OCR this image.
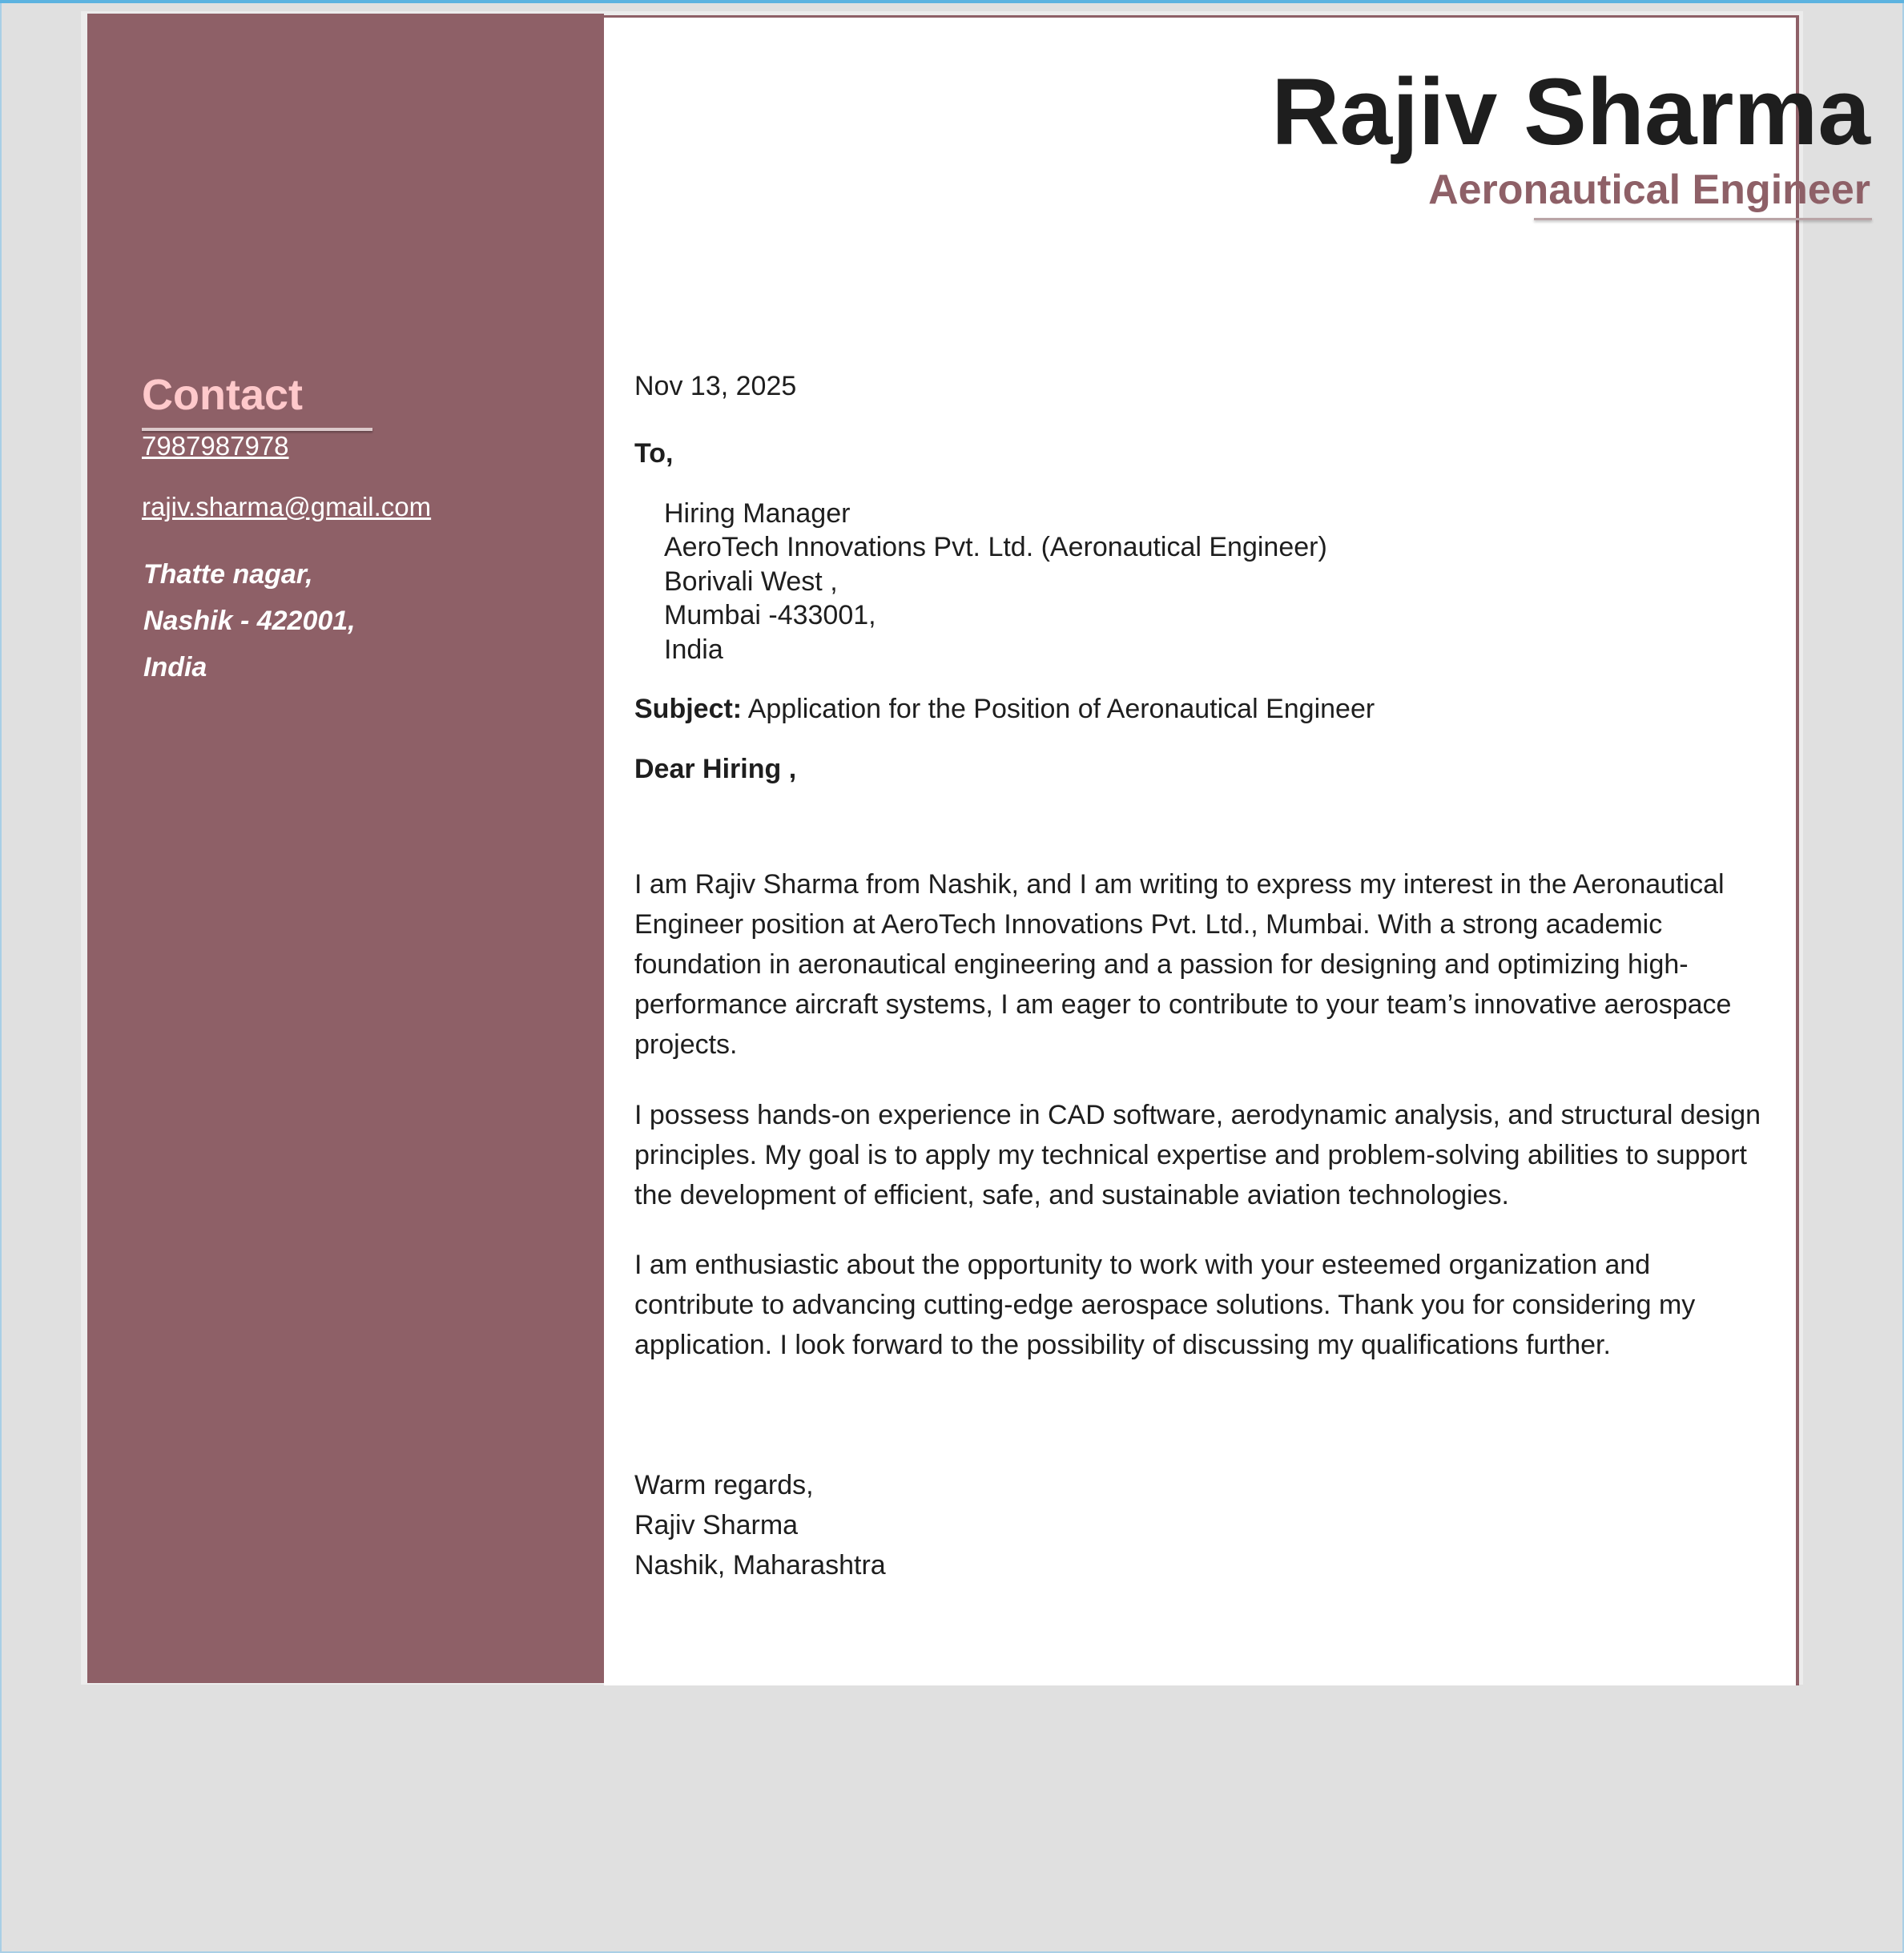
Rajiv Sharma
Aeronautical Engineer
Contact
7987987978
rajiv.sharma@gmail.com
Thatte nagar,
Nashik - 422001,
India
Nov 13, 2025
To,
Hiring Manager
AeroTech Innovations Pvt. Ltd. (Aeronautical Engineer)
Borivali West ,
Mumbai -433001,
India
Subject: Application for the Position of Aeronautical Engineer
Dear Hiring ,
I am Rajiv Sharma from Nashik, and I am writing to express my interest in the Aeronautical Engineer position at AeroTech Innovations Pvt. Ltd., Mumbai. With a strong academic foundation in aeronautical engineering and a passion for designing and optimizing high-performance aircraft systems, I am eager to contribute to your team’s innovative aerospace projects.
I possess hands-on experience in CAD software, aerodynamic analysis, and structural design principles. My goal is to apply my technical expertise and problem-solving abilities to support the development of efficient, safe, and sustainable aviation technologies.
I am enthusiastic about the opportunity to work with your esteemed organization and contribute to advancing cutting-edge aerospace solutions. Thank you for considering my application. I look forward to the possibility of discussing my qualifications further.
Warm regards,
Rajiv Sharma
Nashik, Maharashtra
